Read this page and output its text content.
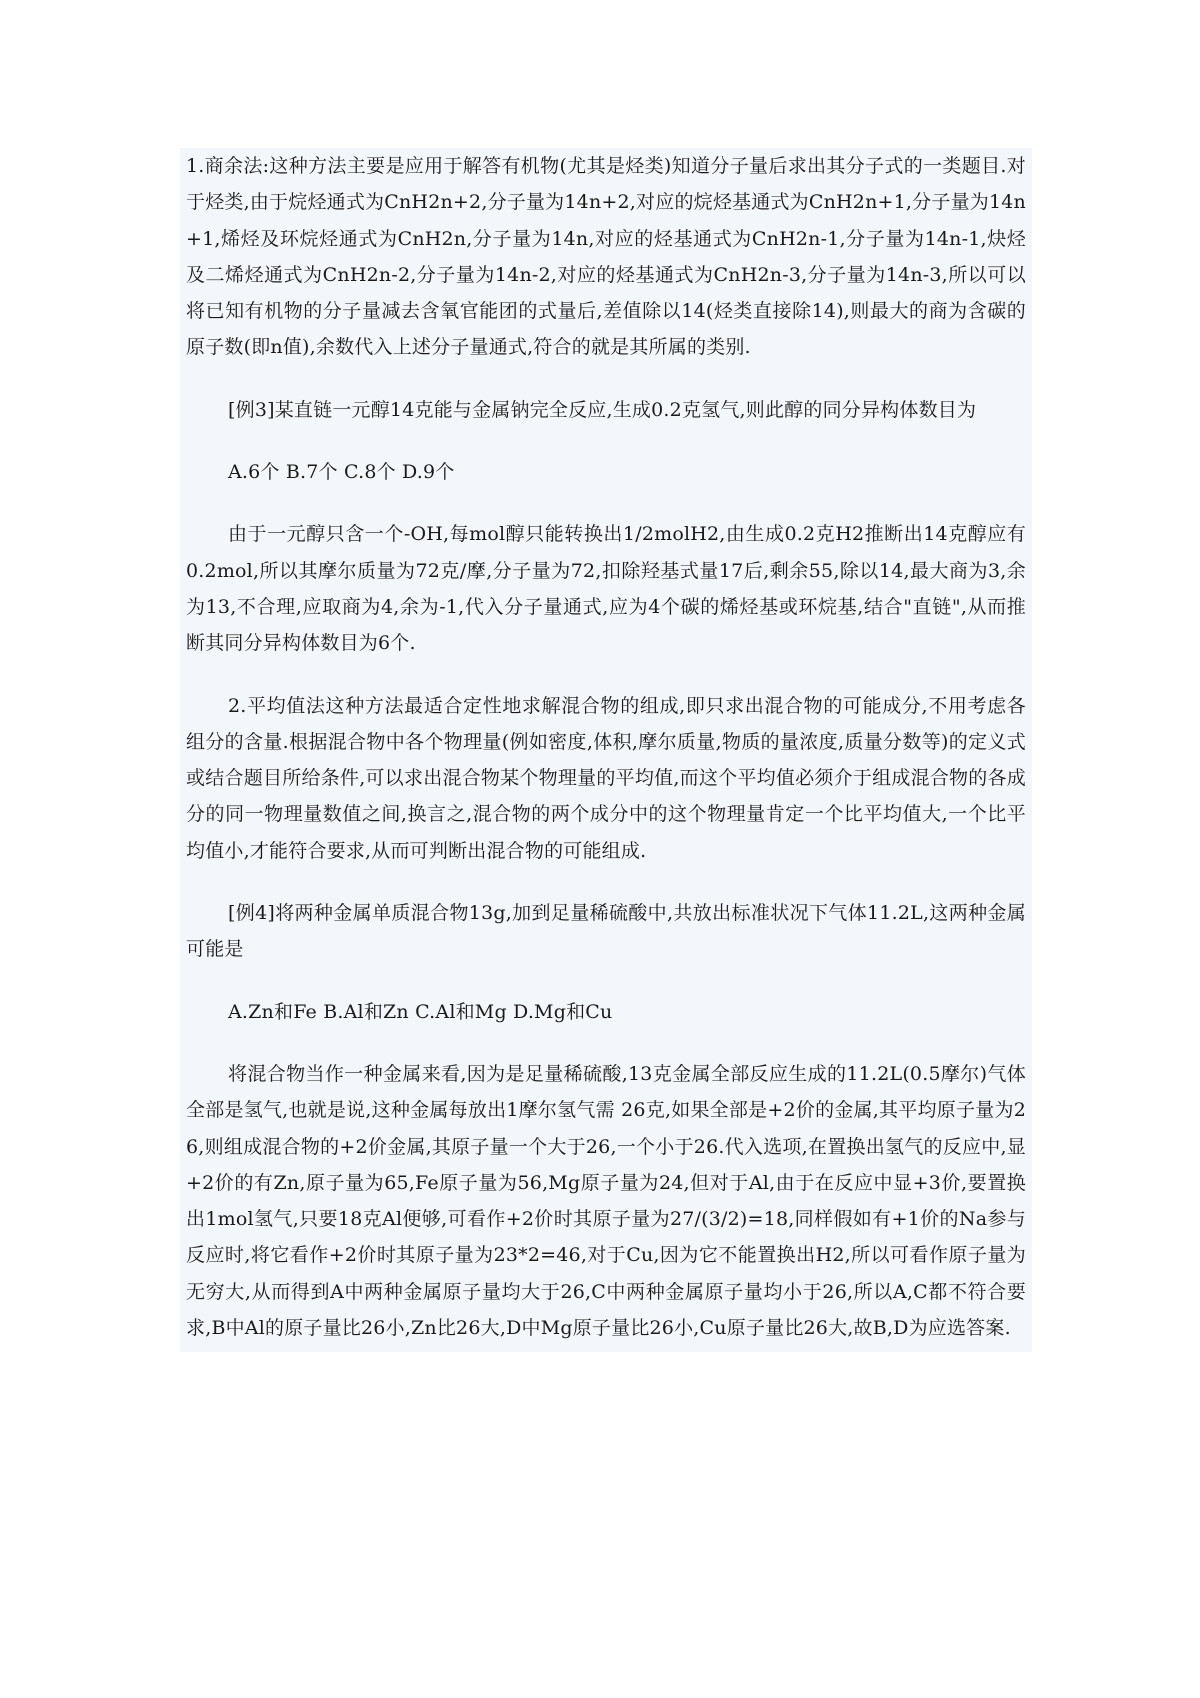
1.商余法:这种方法主要是应用于解答有机物(尤其是烃类)知道分子量后求出其分子式的一类题目.对于烃类,由于烷烃通式为CnH2n+2,分子量为14n+2,对应的烷烃基通式为CnH2n+1,分子量为14n+1,烯烃及环烷烃通式为CnH2n,分子量为14n,对应的烃基通式为CnH2n-1,分子量为14n-1,炔烃及二烯烃通式为CnH2n-2,分子量为14n-2,对应的烃基通式为CnH2n-3,分子量为14n-3,所以可以将已知有机物的分子量减去含氧官能团的式量后,差值除以14(烃类直接除14),则最大的商为含碳的原子数(即n值),余数代入上述分子量通式,符合的就是其所属的类别.

[例3]某直链一元醇14克能与金属钠完全反应,生成0.2克氢气,则此醇的同分异构体数目为

A.6个 B.7个 C.8个 D.9个

由于一元醇只含一个-OH,每mol醇只能转换出1/2molH2,由生成0.2克H2推断出14克醇应有0.2mol,所以其摩尔质量为72克/摩,分子量为72,扣除羟基式量17后,剩余55,除以14,最大商为3,余为13,不合理,应取商为4,余为-1,代入分子量通式,应为4个碳的烯烃基或环烷基,结合"直链",从而推断其同分异构体数目为6个.

2.平均值法这种方法最适合定性地求解混合物的组成,即只求出混合物的可能成分,不用考虑各组分的含量.根据混合物中各个物理量(例如密度,体积,摩尔质量,物质的量浓度,质量分数等)的定义式或结合题目所给条件,可以求出混合物某个物理量的平均值,而这个平均值必须介于组成混合物的各成分的同一物理量数值之间,换言之,混合物的两个成分中的这个物理量肯定一个比平均值大,一个比平均值小,才能符合要求,从而可判断出混合物的可能组成.

[例4]将两种金属单质混合物13g,加到足量稀硫酸中,共放出标准状况下气体11.2L,这两种金属可能是

A.Zn和Fe B.Al和Zn C.Al和Mg D.Mg和Cu

将混合物当作一种金属来看,因为是足量稀硫酸,13克金属全部反应生成的11.2L(0.5摩尔)气体全部是氢气,也就是说,这种金属每放出1摩尔氢气需 26克,如果全部是+2价的金属,其平均原子量为26,则组成混合物的+2价金属,其原子量一个大于26,一个小于26.代入选项,在置换出氢气的反应中,显+2价的有Zn,原子量为65,Fe原子量为56,Mg原子量为24,但对于Al,由于在反应中显+3价,要置换出1mol氢气,只要18克Al便够,可看作+2价时其原子量为27/(3/2)=18,同样假如有+1价的Na参与反应时,将它看作+2价时其原子量为23*2=46,对于Cu,因为它不能置换出H2,所以可看作原子量为无穷大,从而得到A中两种金属原子量均大于26,C中两种金属原子量均小于26,所以A,C都不符合要求,B中Al的原子量比26小,Zn比26大,D中Mg原子量比26小,Cu原子量比26大,故B,D为应选答案.
